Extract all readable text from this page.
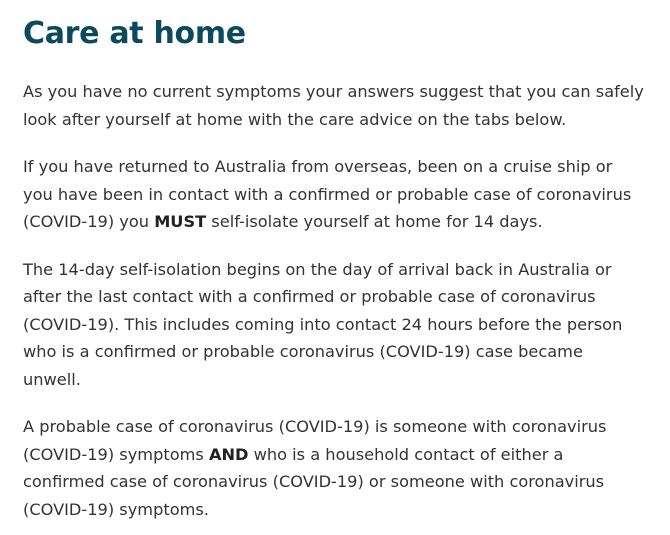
Care at home

As you have no current symptoms your answers suggest that you can safely

look after yourself at home with the care advice on the tabs below.

If you have returned to Australia from overseas, been on a cruise ship or

you have been in contact with a confirmed or probable case of coronavirus

(COVID-19) you MUST self-isolate yourself at home for 14 days.

The 14-day self-isolation begins on the day of arrival back in Australia or

after the last contact with a confirmed or probable case of coronavirus

(COVID-19). This includes coming into contact 24 hours before the person

who is a confirmed or probable coronavirus (COVID-19) case became

unwell.

A probable case of coronavirus (COVID-19) is someone with coronavirus

(COVID-19) symptoms AND who is a household contact of either a

confirmed case of coronavirus (COVID-19) or someone with coronavirus

(COVID-19) symptoms.
